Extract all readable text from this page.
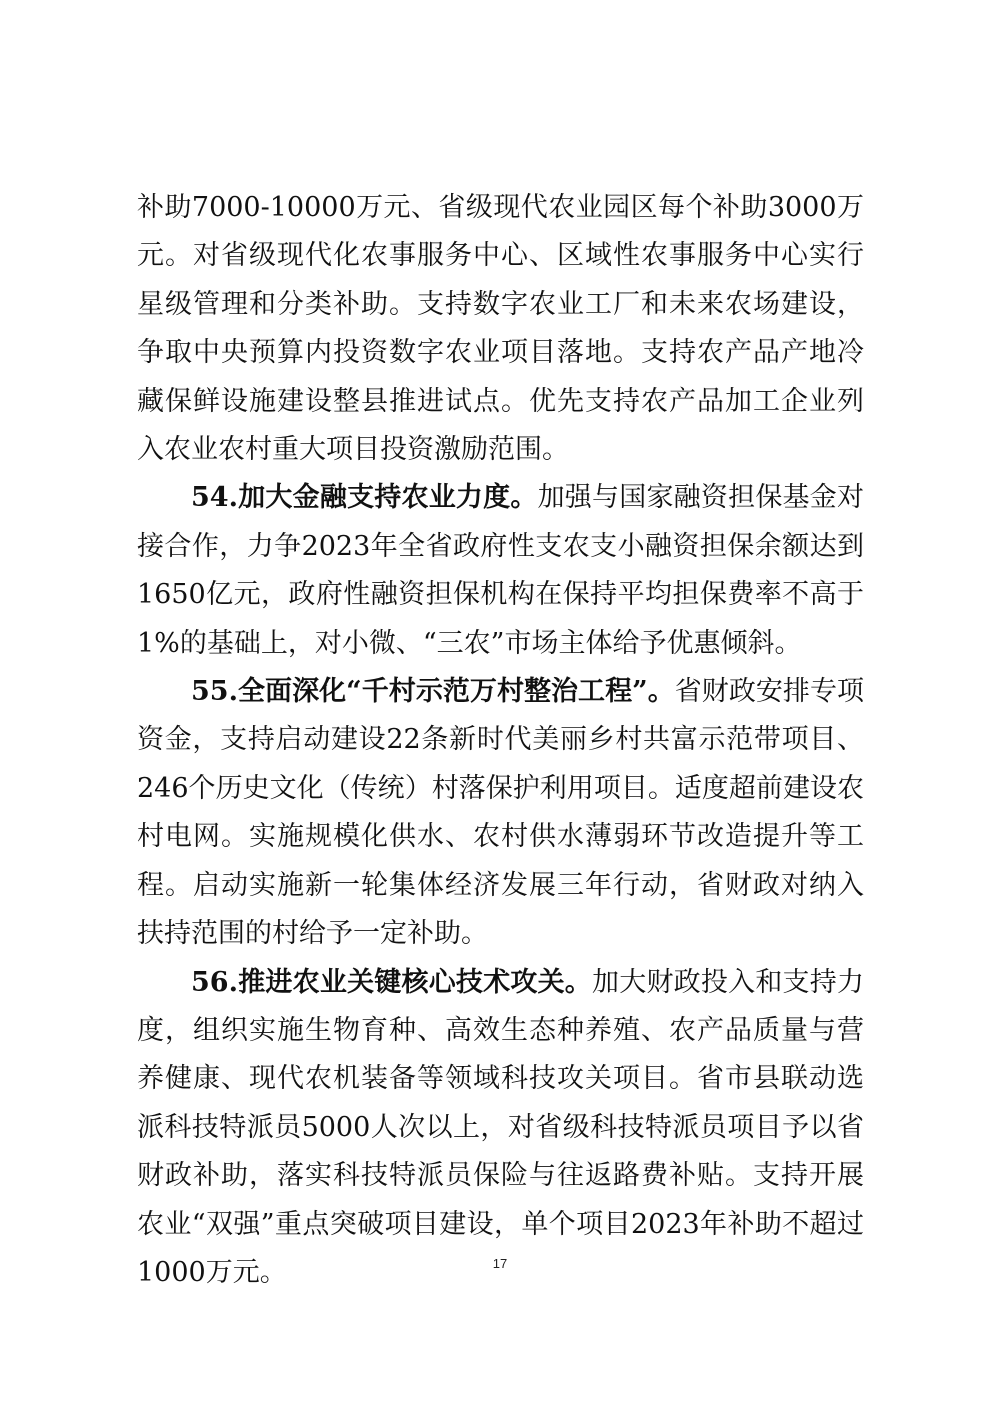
补助7000-10000万元、省级现代农业园区每个补助3000万元。对省级现代化农事服务中心、区域性农事服务中心实行星级管理和分类补助。支持数字农业工厂和未来农场建设，争取中央预算内投资数字农业项目落地。支持农产品产地冷藏保鲜设施建设整县推进试点。优先支持农产品加工企业列入农业农村重大项目投资激励范围。

54.加大金融支持农业力度。加强与国家融资担保基金对接合作，力争2023年全省政府性支农支小融资担保余额达到1650亿元，政府性融资担保机构在保持平均担保费率不高于1%的基础上，对小微、“三农”市场主体给予优惠倾斜。

55.全面深化“千村示范万村整治工程”。省财政安排专项资金，支持启动建设22条新时代美丽乡村共富示范带项目、246个历史文化（传统）村落保护利用项目。适度超前建设农村电网。实施规模化供水、农村供水薄弱环节改造提升等工程。启动实施新一轮集体经济发展三年行动，省财政对纳入扶持范围的村给予一定补助。

56.推进农业关键核心技术攻关。加大财政投入和支持力度，组织实施生物育种、高效生态种养殖、农产品质量与营养健康、现代农机装备等领域科技攻关项目。省市县联动选派科技特派员5000人次以上，对省级科技特派员项目予以省财政补助，落实科技特派员保险与往返路费补贴。支持开展农业“双强”重点突破项目建设，单个项目2023年补助不超过1000万元。	17
